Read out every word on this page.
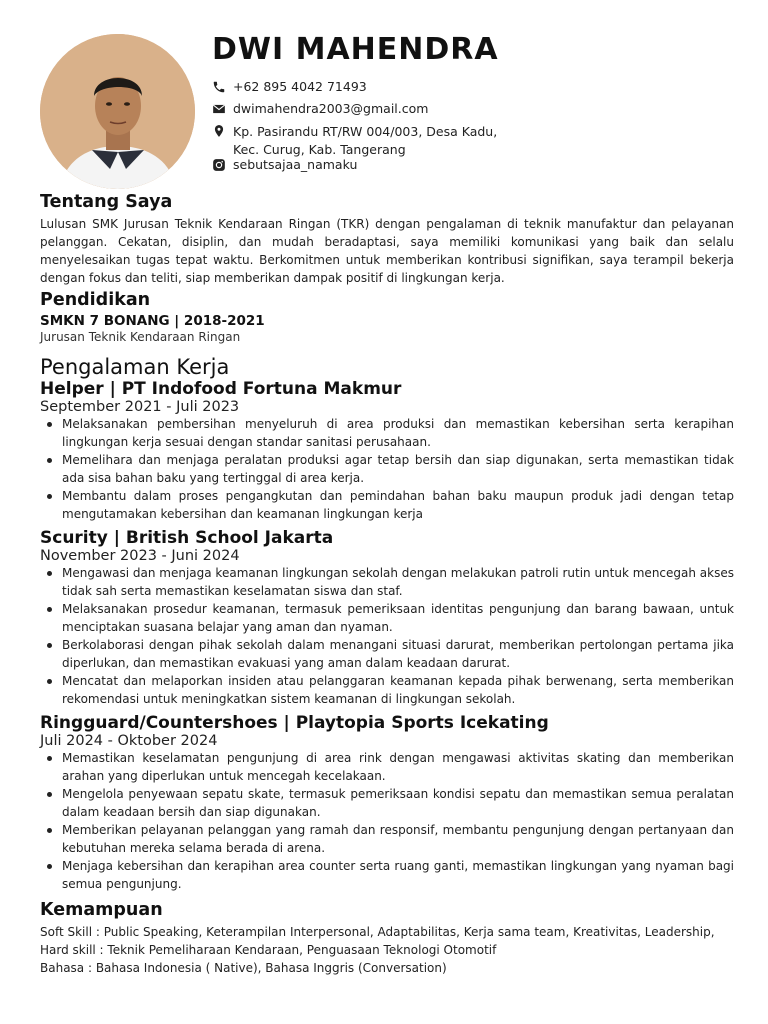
DWI MAHENDRA
+62 895 4042 71493
dwimahendra2003@gmail.com
Kp. Pasirandu RT/RW 004/003, Desa Kadu,
Kec. Curug, Kab. Tangerang
sebutsajaa_namaku
Tentang Saya

Lulusan SMK Jurusan Teknik Kendaraan Ringan (TKR) dengan pengalaman di teknik manufaktur dan pelayanan pelanggan. Cekatan, disiplin, dan mudah beradaptasi, saya memiliki komunikasi yang baik dan selalu menyelesaikan tugas tepat waktu. Berkomitmen untuk memberikan kontribusi signifikan, saya terampil bekerja dengan fokus dan teliti, siap memberikan dampak positif di lingkungan kerja.

Pendidikan
SMKN 7 BONANG | 2018-2021
Jurusan Teknik Kendaraan Ringan
Pengalaman Kerja
Helper | PT Indofood Fortuna Makmur
September 2021 - Juli 2023
Melaksanakan pembersihan menyeluruh di area produksi dan memastikan kebersihan serta kerapihan lingkungan kerja sesuai dengan standar sanitasi perusahaan.
Memelihara dan menjaga peralatan produksi agar tetap bersih dan siap digunakan, serta memastikan tidak ada sisa bahan baku yang tertinggal di area kerja.
Membantu dalam proses pengangkutan dan pemindahan bahan baku maupun produk jadi dengan tetap mengutamakan kebersihan dan keamanan lingkungan kerja
Scurity | British School Jakarta
November 2023 - Juni 2024
Mengawasi dan menjaga keamanan lingkungan sekolah dengan melakukan patroli rutin untuk mencegah akses tidak sah serta memastikan keselamatan siswa dan staf.
Melaksanakan prosedur keamanan, termasuk pemeriksaan identitas pengunjung dan barang bawaan, untuk menciptakan suasana belajar yang aman dan nyaman.
Berkolaborasi dengan pihak sekolah dalam menangani situasi darurat, memberikan pertolongan pertama jika diperlukan, dan memastikan evakuasi yang aman dalam keadaan darurat.
Mencatat dan melaporkan insiden atau pelanggaran keamanan kepada pihak berwenang, serta memberikan rekomendasi untuk meningkatkan sistem keamanan di lingkungan sekolah.
Ringguard/Countershoes | Playtopia Sports Icekating
Juli 2024 - Oktober 2024
Memastikan keselamatan pengunjung di area rink dengan mengawasi aktivitas skating dan memberikan arahan yang diperlukan untuk mencegah kecelakaan.
Mengelola penyewaan sepatu skate, termasuk pemeriksaan kondisi sepatu dan memastikan semua peralatan dalam keadaan bersih dan siap digunakan.
Memberikan pelayanan pelanggan yang ramah dan responsif, membantu pengunjung dengan pertanyaan dan kebutuhan mereka selama berada di arena.
Menjaga kebersihan dan kerapihan area counter serta ruang ganti, memastikan lingkungan yang nyaman bagi semua pengunjung.
Kemampuan
Soft Skill : Public Speaking, Keterampilan Interpersonal, Adaptabilitas, Kerja sama team, Kreativitas, Leadership,
Hard skill : Teknik Pemeliharaan Kendaraan, Penguasaan Teknologi Otomotif
Bahasa : Bahasa Indonesia ( Native), Bahasa Inggris (Conversation)
